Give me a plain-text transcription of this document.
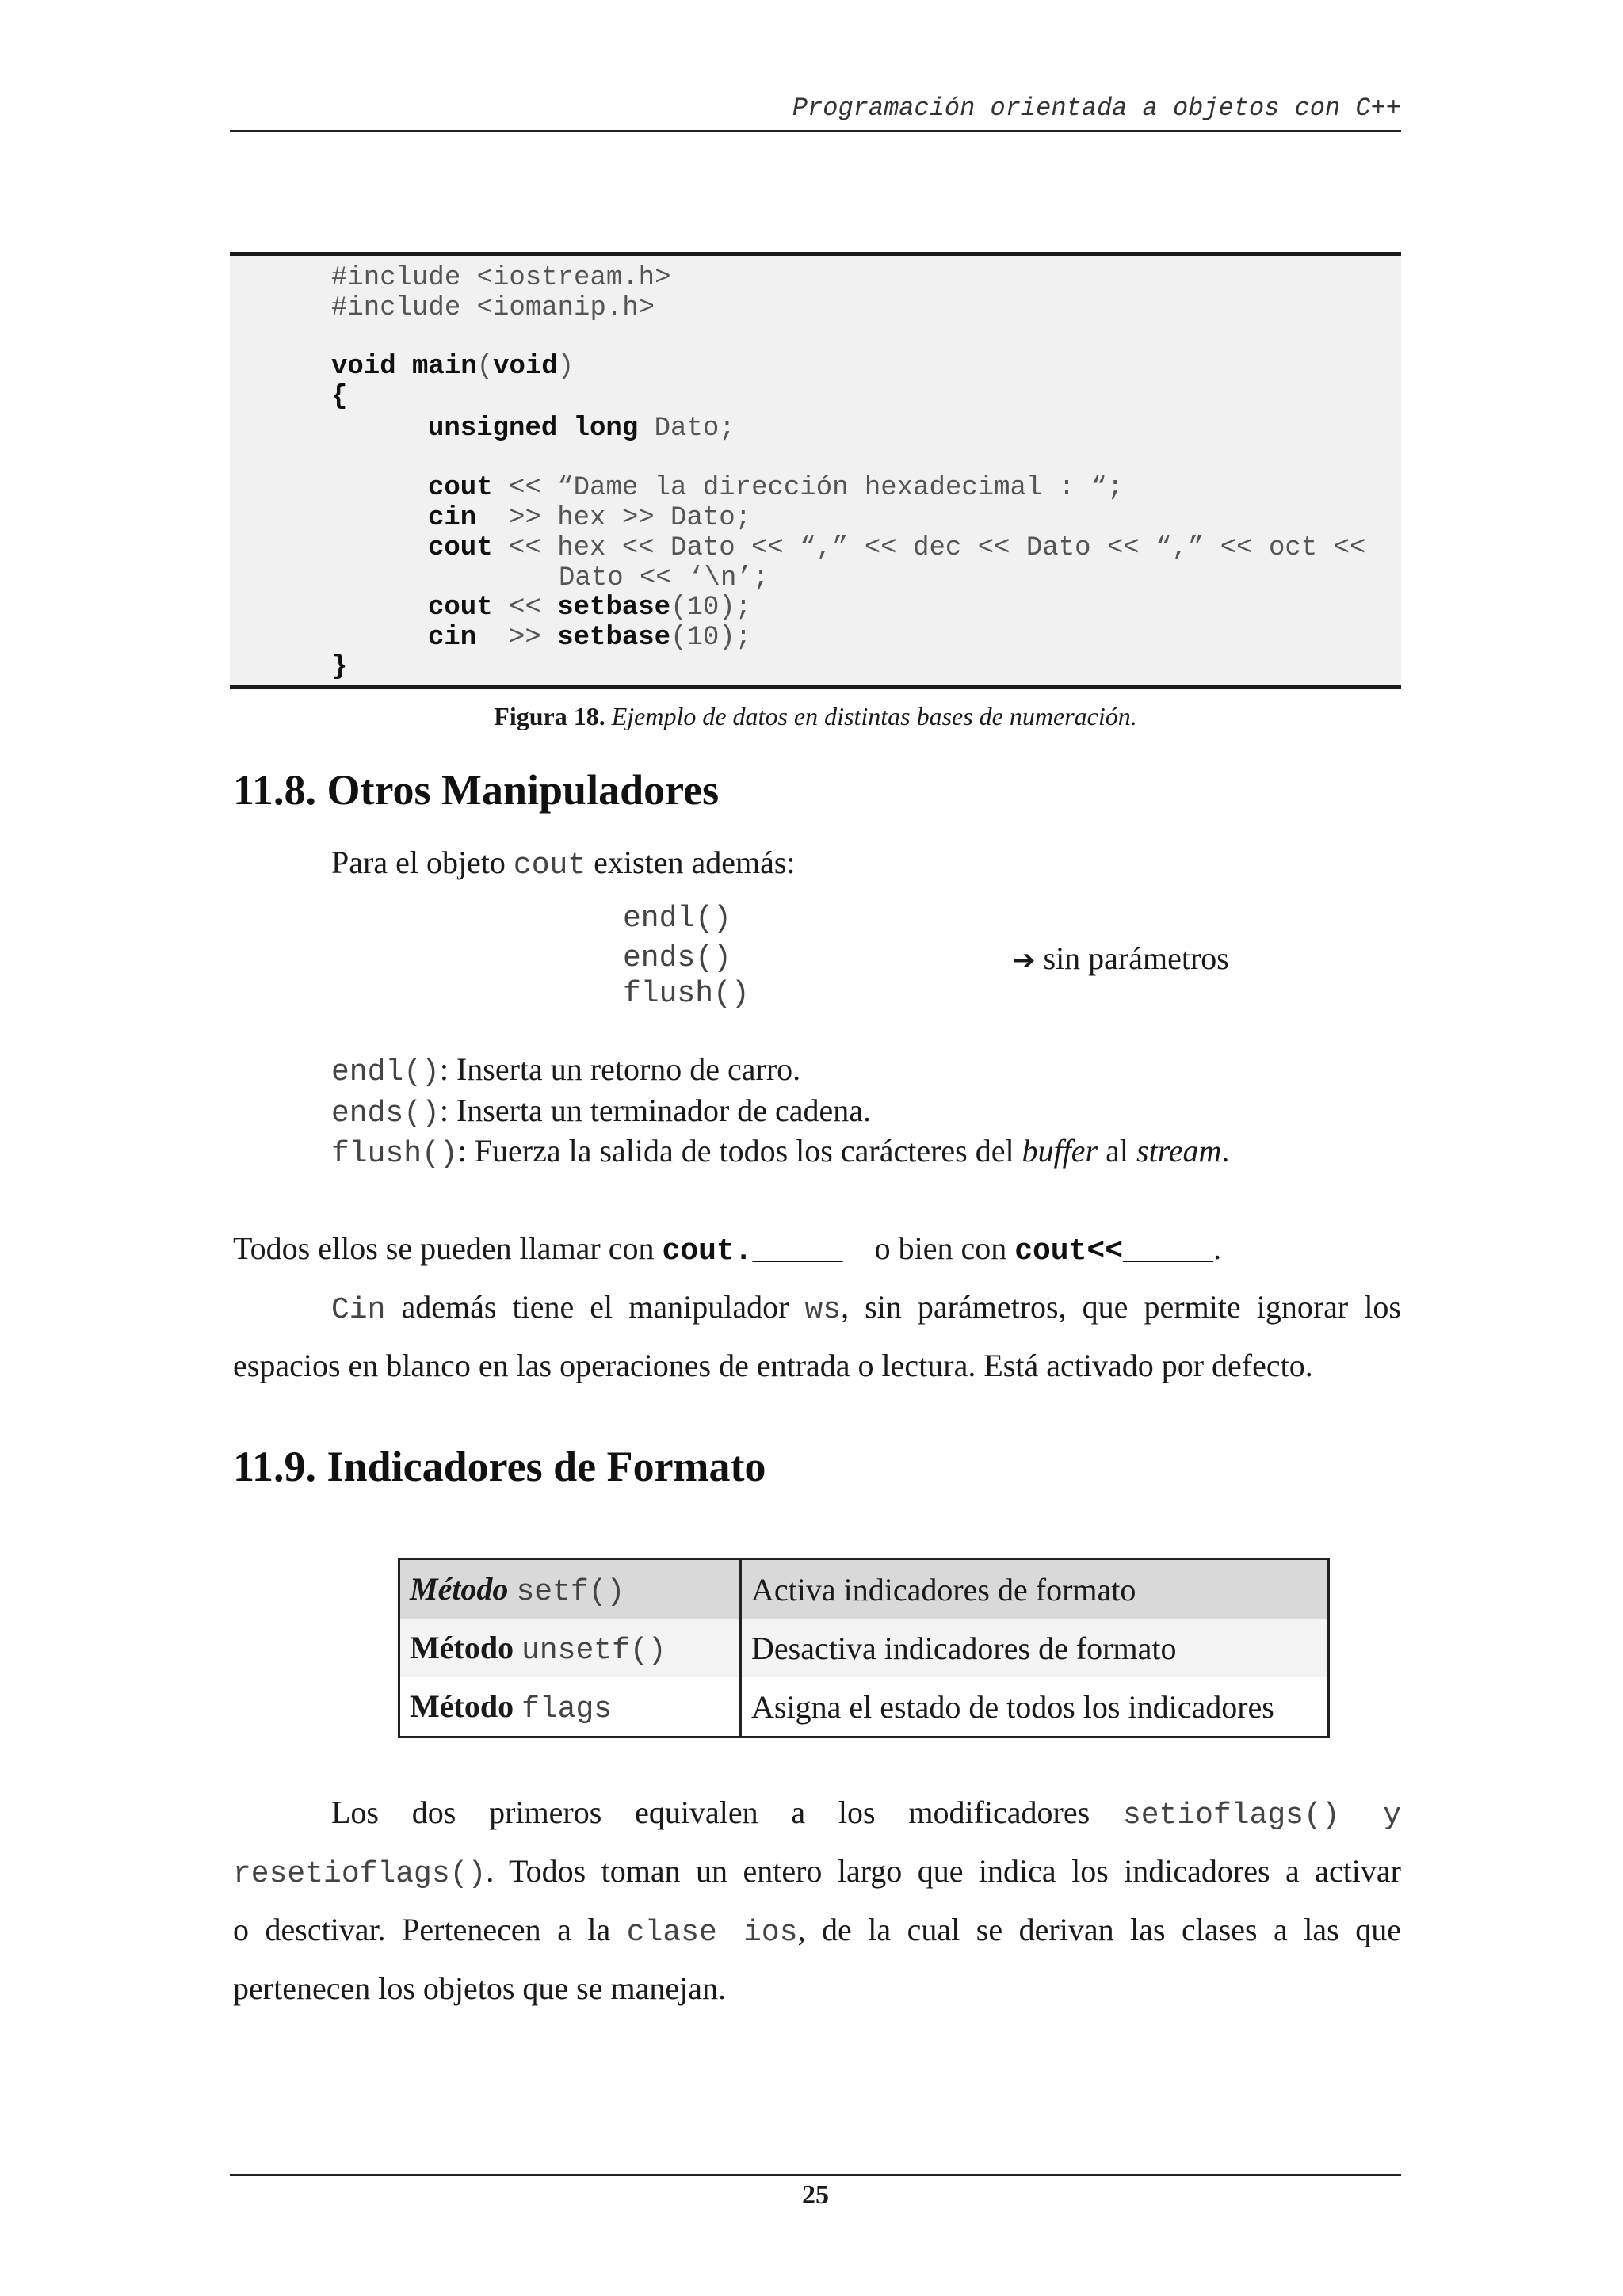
Programación orientada a objetos con C++
#include <iostream.h>
#include <iomanip.h>
void main(void)
{
unsigned long Dato;
cout << “Dame la dirección hexadecimal : “;
cin  >> hex >> Dato;
cout << hex << Dato << “,” << dec << Dato << “,” << oct <<
Dato << ‘\n’;
cout << setbase(10);
cin  >> setbase(10);
}
Figura 18. Ejemplo de datos en distintas bases de numeración.
11.8. Otros Manipuladores
Para el objeto cout existen además:
endl()
ends()
flush()
➔ sin parámetros
endl(): Inserta un retorno de carro.
ends(): Inserta un terminador de cadena.
flush(): Fuerza la salida de todos los carácteres del buffer al stream.
Todos ellos se pueden llamar con cout._____ o bien con cout<<_____.
Cin además tiene el manipulador ws, sin parámetros, que permite ignorar los
espacios en blanco en las operaciones de entrada o lectura. Está activado por defecto.
11.9. Indicadores de Formato
Método setf()	Activa indicadores de formato
Método unsetf()	Desactiva indicadores de formato
Método flags	Asigna el estado de todos los indicadores
Los dos primeros equivalen a los modificadores setioflags() y
resetioflags(). Todos toman un entero largo que indica los indicadores a activar
o desctivar. Pertenecen a la clase ios, de la cual se derivan las clases a las que
pertenecen los objetos que se manejan.
25
